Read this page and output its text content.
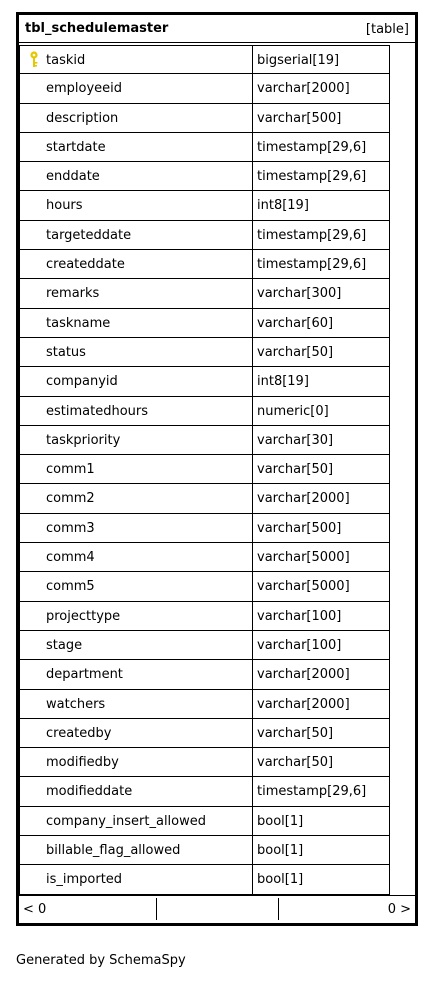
tbl_schedulemaster	[table]
taskid	bigserial[19]
employeeid	varchar[2000]
description	varchar[500]
startdate	timestamp[29,6]
enddate	timestamp[29,6]
hours	int8[19]
targeteddate	timestamp[29,6]
createddate	timestamp[29,6]
remarks	varchar[300]
taskname	varchar[60]
status	varchar[50]
companyid	int8[19]
estimatedhours	numeric[0]
taskpriority	varchar[30]
comm1	varchar[50]
comm2	varchar[2000]
comm3	varchar[500]
comm4	varchar[5000]
comm5	varchar[5000]
projecttype	varchar[100]
stage	varchar[100]
department	varchar[2000]
watchers	varchar[2000]
createdby	varchar[50]
modifiedby	varchar[50]
modifieddate	timestamp[29,6]
company_insert_allowed	bool[1]
billable_flag_allowed	bool[1]
is_imported	bool[1]
< 0	0 >
Generated by SchemaSpy
